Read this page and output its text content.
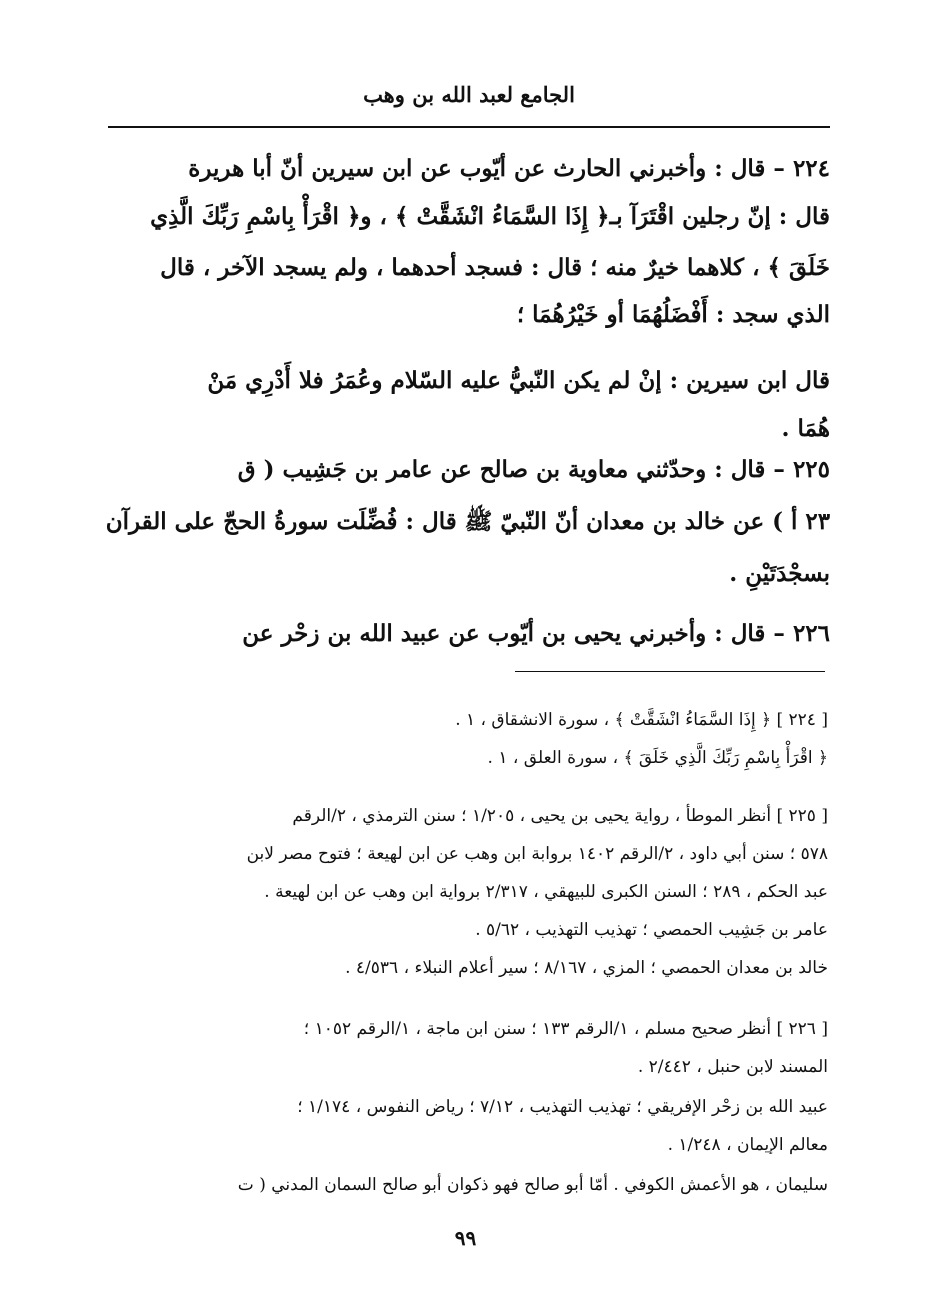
الجامع لعبد الله بن وهب
٢٢٤ – قال : وأخبرني الحارث عن أيّوب عن ابن سيرين أنّ أبا هريرة
قال : إنّ رجلين اقْتَرَآ بـ﴿ إِذَا السَّمَاءُ انْشَقَّتْ ﴾ ، و﴿ اقْرَأْ بِاسْمِ رَبِّكَ الَّذِي
خَلَقَ ﴾ ، كلاهما خيرٌ منه ؛ قال : فسجد أحدهما ، ولم يسجد الآخر ، قال
الذي سجد : أَفْضَلُهُمَا أو خَيْرُهُمَا ؛
قال ابن سيرين : إنْ لم يكن النّبيُّ عليه السّلام وعُمَرُ فلا أَدْرِي مَنْ
هُمَا .
٢٢٥ – قال : وحدّثني معاوية بن صالح عن عامر بن جَشِيب ( ق
٢٣ أ ) عن خالد بن معدان أنّ النّبيّ ﷺ قال : فُضِّلَت سورةُ الحجّ على القرآن
بسجْدَتَيْنِ .
٢٢٦ – قال : وأخبرني يحيى بن أيّوب عن عبيد الله بن زحْر عن
[ ٢٢٤ ] ﴿ إِذَا السَّمَاءُ انْشَقَّتْ ﴾ ، سورة الانشقاق ، ١ .
﴿ اقْرَأْ بِاسْمِ رَبِّكَ الَّذِي خَلَقَ ﴾ ، سورة العلق ، ١ .
[ ٢٢٥ ] أنظر الموطأ ، رواية يحيى بن يحيى ، ١/٢٠٥ ؛ سنن الترمذي ، ٢/الرقم
٥٧٨ ؛ سنن أبي داود ، ٢/الرقم ١٤٠٢ بروابة ابن وهب عن ابن لهيعة ؛ فتوح مصر لابن
عبد الحكم ، ٢٨٩ ؛ السنن الكبرى للبيهقي ، ٢/٣١٧ برواية ابن وهب عن ابن لهيعة .
عامر بن جَشِيب الحمصي ؛ تهذيب التهذيب ، ٥/٦٢ .
خالد بن معدان الحمصي ؛ المزي ، ٨/١٦٧ ؛ سير أعلام النبلاء ، ٤/٥٣٦ .
[ ٢٢٦ ] أنظر صحيح مسلم ، ١/الرقم ١٣٣ ؛ سنن ابن ماجة ، ١/الرقم ١٠٥٢ ؛
المسند لابن حنبل ، ٢/٤٤٢ .
عبيد الله بن زحْر الإفريقي ؛ تهذيب التهذيب ، ٧/١٢ ؛ رياض النفوس ، ١/١٧٤ ؛
معالم الإيمان ، ١/٢٤٨ .
سليمان ، هو الأعمش الكوفي . أمّا أبو صالح فهو ذكوان أبو صالح السمان المدني ( ت
٩٩
